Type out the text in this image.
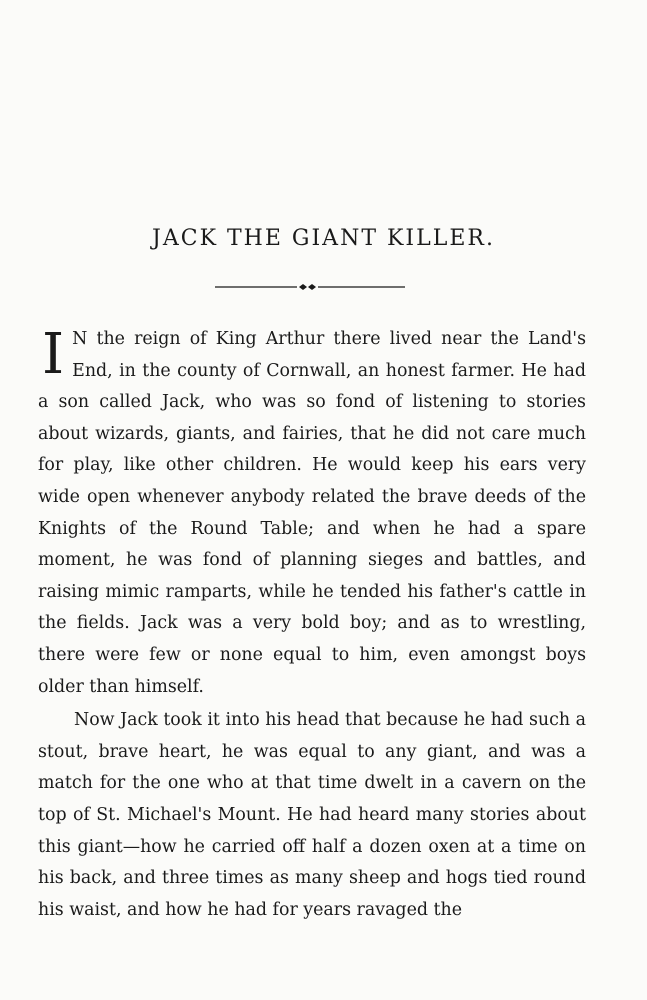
JACK THE GIANT KILLER.

I N the reign of King Arthur there lived near the Land's End, in the county of Cornwall, an honest farmer. He had a son called Jack, who was so fond of listening to stories about wizards, giants, and fairies, that he did not care much for play, like other children. He would keep his ears very wide open whenever anybody related the brave deeds of the Knights of the Round Table; and when he had a spare moment, he was fond of planning sieges and battles, and raising mimic ramparts, while he tended his father's cattle in the fields. Jack was a very bold boy; and as to wrestling, there were few or none equal to him, even amongst boys older than himself.

Now Jack took it into his head that because he had such a stout, brave heart, he was equal to any giant, and was a match for the one who at that time dwelt in a cavern on the top of St. Michael's Mount. He had heard many stories about this giant—how he carried off half a dozen oxen at a time on his back, and three times as many sheep and hogs tied round his waist, and how he had for years ravaged the
